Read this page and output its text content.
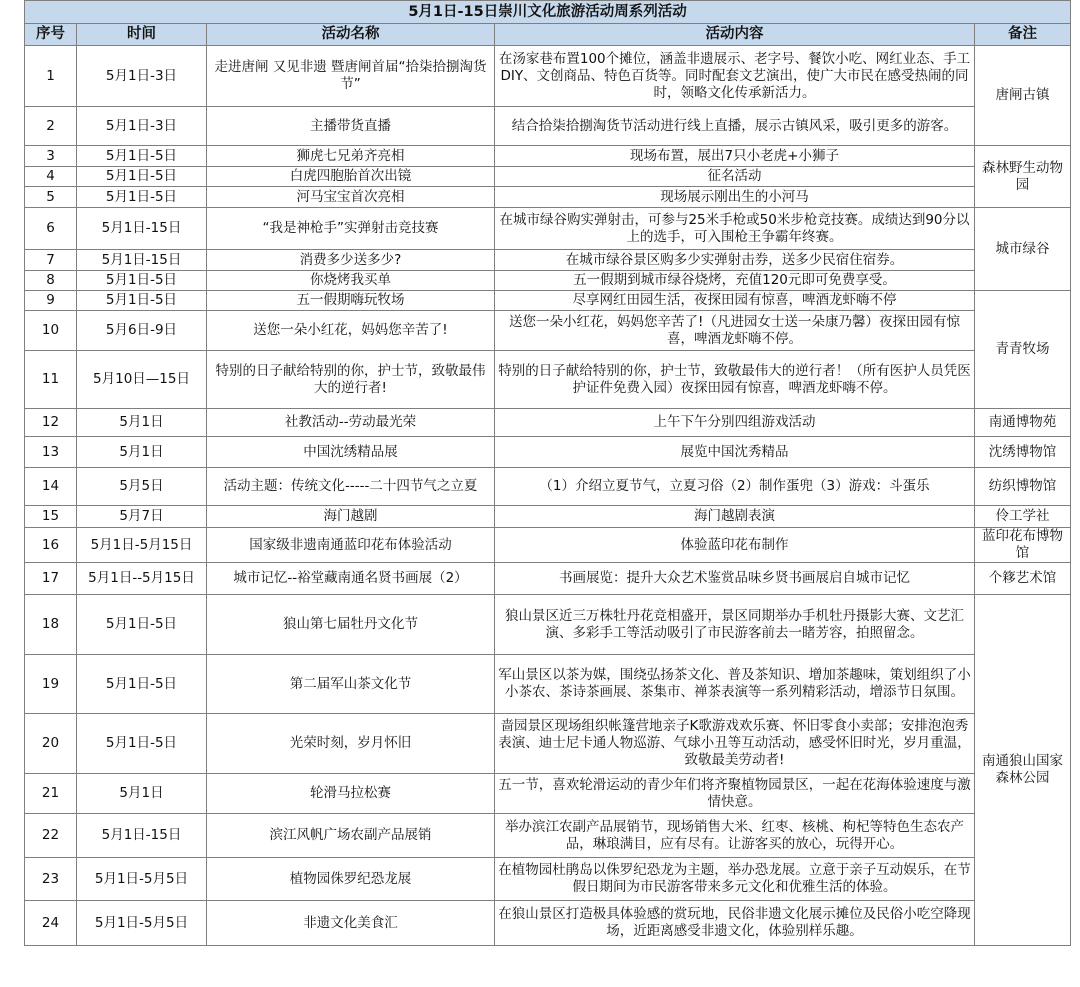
5月1日-15日崇川文化旅游活动周系列活动				
序号	时间	活动名称	活动内容	备注
1	5月1日-3日	走进唐闸 又见非遗 暨唐闸首届“拾柒拾捌淘货节”	在汤家巷布置100个摊位，涵盖非遗展示、老字号、餐饮小吃、网红业态、手工DIY、文创商品、特色百货等。同时配套文艺演出，使广大市民在感受热闹的同时，领略文化传承新活力。	唐闸古镇
2	5月1日-3日	主播带货直播	结合拾柒拾捌淘货节活动进行线上直播，展示古镇风采，吸引更多的游客。	
3	5月1日-5日	狮虎七兄弟齐亮相	现场布置，展出7只小老虎+小狮子	森林野生动物园
4	5月1日-5日	白虎四胞胎首次出镜	征名活动	
5	5月1日-5日	河马宝宝首次亮相	现场展示刚出生的小河马	
6	5月1日-15日	“我是神枪手”实弹射击竞技赛	在城市绿谷购实弹射击，可参与25米手枪或50米步枪竞技赛。成绩达到90分以上的选手，可入围枪王争霸年终赛。	城市绿谷
7	5月1日-15日	消费多少送多少?	在城市绿谷景区购多少实弹射击券，送多少民宿住宿券。	
8	5月1日-5日	你烧烤我买单	五一假期到城市绿谷烧烤，充值120元即可免费享受。	
9	5月1日-5日	五一假期嗨玩牧场	尽享网红田园生活，夜探田园有惊喜，啤酒龙虾嗨不停	青青牧场
10	5月6日-9日	送您一朵小红花，妈妈您辛苦了!	送您一朵小红花，妈妈您辛苦了!（凡进园女士送一朵康乃馨）夜探田园有惊喜，啤酒龙虾嗨不停。	
11	5月10日—15日	特别的日子献给特别的你，护士节，致敬最伟大的逆行者!	特别的日子献给特别的你，护士节，致敬最伟大的逆行者！（所有医护人员凭医护证件免费入园）夜探田园有惊喜，啤酒龙虾嗨不停。	
12	5月1日	社教活动--劳动最光荣	上午下午分别四组游戏活动	南通博物苑
13	5月1日	中国沈绣精品展	展览中国沈秀精品	沈绣博物馆
14	5月5日	活动主题：传统文化-----二十四节气之立夏	（1）介绍立夏节气，立夏习俗（2）制作蛋兜（3）游戏：斗蛋乐	纺织博物馆
15	5月7日	海门越剧	海门越剧表演	伶工学社
16	5月1日-5月15日	国家级非遗南通蓝印花布体验活动	体验蓝印花布制作	蓝印花布博物馆
17	5月1日--5月15日	城市记忆--裕堂藏南通名贤书画展（2）	书画展览：提升大众艺术鉴赏品味乡贤书画展启自城市记忆	个簃艺术馆
18	5月1日-5日	狼山第七届牡丹文化节	狼山景区近三万株牡丹花竞相盛开，景区同期举办手机牡丹摄影大赛、文艺汇演、多彩手工等活动吸引了市民游客前去一睹芳容，拍照留念。	南通狼山国家森林公园
19	5月1日-5日	第二届军山茶文化节	军山景区以茶为媒，围绕弘扬茶文化、普及茶知识、增加茶趣味，策划组织了小小茶农、茶诗茶画展、茶集市、禅茶表演等一系列精彩活动，增添节日氛围。	
20	5月1日-5日	光荣时刻，岁月怀旧	啬园景区现场组织帐篷营地亲子K歌游戏欢乐赛、怀旧零食小卖部；安排泡泡秀表演、迪士尼卡通人物巡游、气球小丑等互动活动，感受怀旧时光，岁月重温，致敬最美劳动者!	
21	5月1日	轮滑马拉松赛	五一节，喜欢轮滑运动的青少年们将齐聚植物园景区，一起在花海体验速度与激情快意。	
22	5月1日-15日	滨江风帆广场农副产品展销	举办滨江农副产品展销节，现场销售大米、红枣、核桃、枸杞等特色生态农产品，琳琅满目，应有尽有。让游客买的放心，玩得开心。	
23	5月1日-5月5日	植物园侏罗纪恐龙展	在植物园杜鹃岛以侏罗纪恐龙为主题，举办恐龙展。立意于亲子互动娱乐，在节假日期间为市民游客带来多元文化和优雅生活的体验。	
24	5月1日-5月5日	非遗文化美食汇	在狼山景区打造极具体验感的赏玩地，民俗非遗文化展示摊位及民俗小吃空降现场，近距离感受非遗文化，体验别样乐趣。	
